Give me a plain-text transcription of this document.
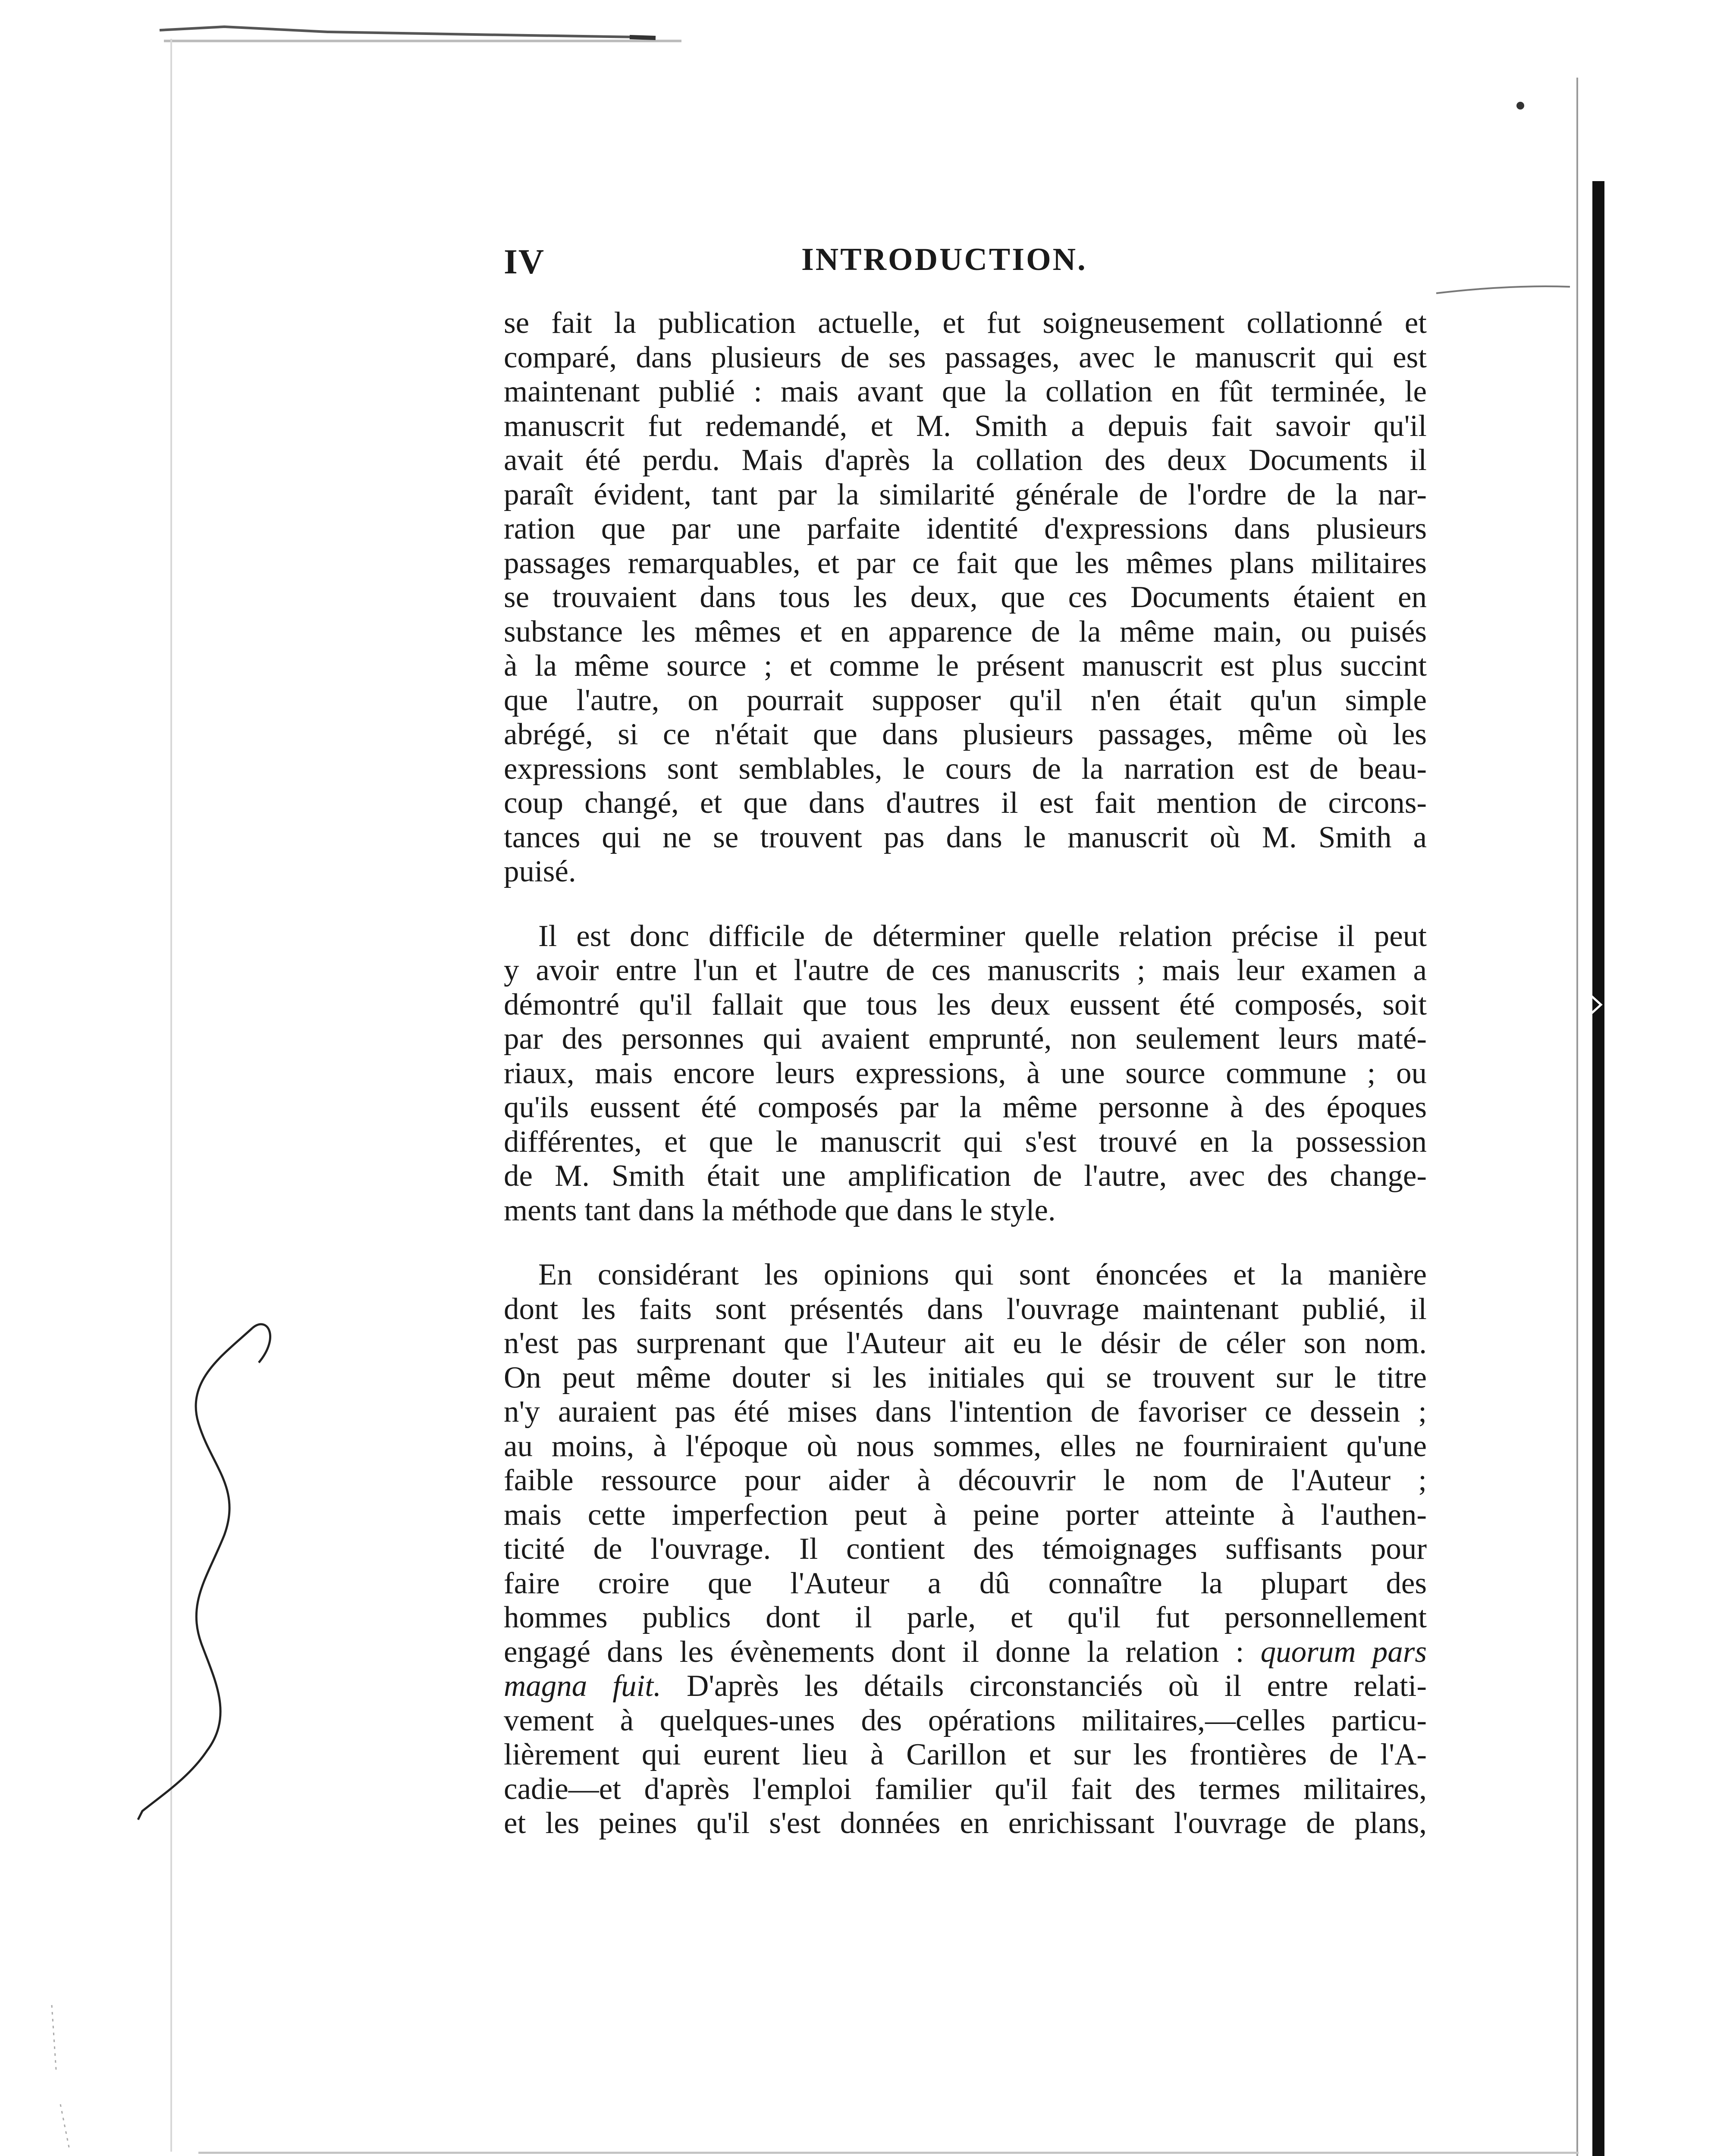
IV	INTRODUCTION.

se fait la publication actuelle, et fut soigneusement collationné et
comparé, dans plusieurs de ses passages, avec le manuscrit qui est
maintenant publié : mais avant que la collation en fût terminée, le
manuscrit fut redemandé, et M. Smith a depuis fait savoir qu'il
avait été perdu. Mais d'après la collation des deux Documents il
paraît évident, tant par la similarité générale de l'ordre de la nar-
ration que par une parfaite identité d'expressions dans plusieurs
passages remarquables, et par ce fait que les mêmes plans militaires
se trouvaient dans tous les deux, que ces Documents étaient en
substance les mêmes et en apparence de la même main, ou puisés
à la même source ; et comme le présent manuscrit est plus succint
que l'autre, on pourrait supposer qu'il n'en était qu'un simple
abrégé, si ce n'était que dans plusieurs passages, même où les
expressions sont semblables, le cours de la narration est de beau-
coup changé, et que dans d'autres il est fait mention de circons-
tances qui ne se trouvent pas dans le manuscrit où M. Smith a
puisé.

Il est donc difficile de déterminer quelle relation précise il peut
y avoir entre l'un et l'autre de ces manuscrits ; mais leur examen a
démontré qu'il fallait que tous les deux eussent été composés, soit
par des personnes qui avaient emprunté, non seulement leurs maté-
riaux, mais encore leurs expressions, à une source commune ; ou
qu'ils eussent été composés par la même personne à des époques
différentes, et que le manuscrit qui s'est trouvé en la possession
de M. Smith était une amplification de l'autre, avec des change-
ments tant dans la méthode que dans le style.

En considérant les opinions qui sont énoncées et la manière
dont les faits sont présentés dans l'ouvrage maintenant publié, il
n'est pas surprenant que l'Auteur ait eu le désir de céler son nom.
On peut même douter si les initiales qui se trouvent sur le titre
n'y auraient pas été mises dans l'intention de favoriser ce dessein ;
au moins, à l'époque où nous sommes, elles ne fourniraient qu'une
faible ressource pour aider à découvrir le nom de l'Auteur ;
mais cette imperfection peut à peine porter atteinte à l'authen-
ticité de l'ouvrage. Il contient des témoignages suffisants pour
faire croire que l'Auteur a dû connaître la plupart des
hommes publics dont il parle, et qu'il fut personnellement
engagé dans les évènements dont il donne la relation : quorum pars
magna fuit. D'après les détails circonstanciés où il entre relati-
vement à quelques-unes des opérations militaires,—celles particu-
lièrement qui eurent lieu à Carillon et sur les frontières de l'A-
cadie—et d'après l'emploi familier qu'il fait des termes militaires,
et les peines qu'il s'est données en enrichissant l'ouvrage de plans,
